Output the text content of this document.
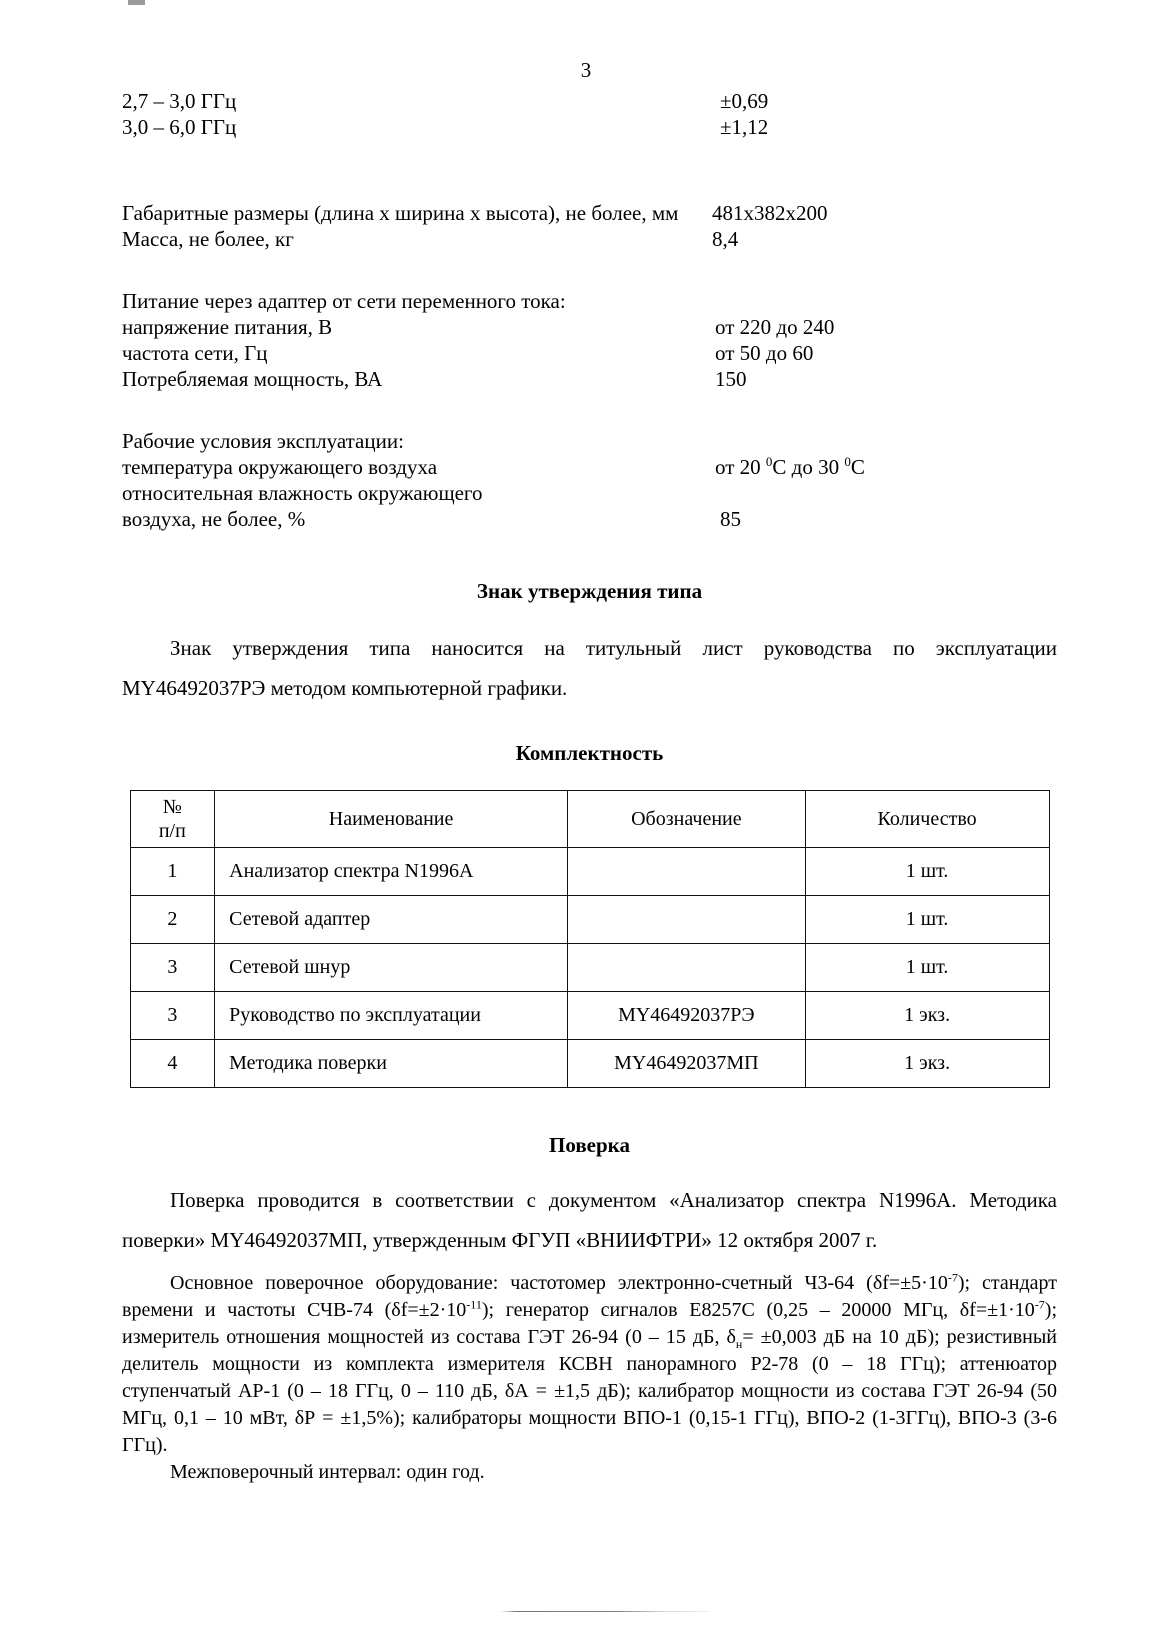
3
2,7 – 3,0 ГГц	±0,69
3,0 – 6,0 ГГц	±1,12
Габаритные размеры (длина x ширина x высота), не более, мм 481x382x200
Масса, не более, кг	8,4
Питание через адаптер от сети переменного тока:
напряжение питания, В	от 220 до 240
частота сети, Гц	от 50 до 60
Потребляемая мощность, ВА	150
Рабочие условия эксплуатации:
температура окружающего воздуха	от 20 $^0$С до 30 $^0$С
относительная влажность окружающего
воздуха, не более, %	85
Знак утверждения типа
Знак утверждения типа наносится на титульный лист руководства по эксплуатации MY46492037РЭ методом компьютерной графики.
Комплектность
№
п/п	Наименование	Обозначение	Количество
1	Анализатор спектра N1996A		1 шт.
2	Сетевой адаптер		1 шт.
3	Сетевой шнур		1 шт.
3	Руководство по эксплуатации	MY46492037РЭ	1 экз.
4	Методика поверки	MY46492037МП	1 экз.
Поверка
Поверка проводится в соответствии с документом «Анализатор спектра N1996A. Методика поверки» MY46492037МП, утвержденным ФГУП «ВНИИФТРИ» 12 октября 2007 г.
Основное поверочное оборудование: частотомер электронно-счетный Ч3-64 $(\delta f=\pm 5\cdot 10^{-7})$; стандарт времени и частоты СЧВ-74 $(\delta f=\pm 2\cdot 10^{-11})$; генератор сигналов E8257C (0,25 – 20000 МГц, $\delta f=\pm 1\cdot 10^{-7}$); измеритель отношения мощностей из состава ГЭТ 26-94 (0 – 15 дБ, $\delta_н= \pm 0,003$ дБ на 10 дБ); резистивный делитель мощности из комплекта измерителя КСВН панорамного Р2-78 (0 – 18 ГГц); аттенюатор ступенчатый АР-1 (0 – 18 ГГц, 0 – 110 дБ, δА = ±1,5 дБ); калибратор мощности из состава ГЭТ 26-94 (50 МГц, 0,1 – 10 мВт, δР = ±1,5%); калибраторы мощности ВПО-1 (0,15-1 ГГц), ВПО-2 (1-3ГГц), ВПО-3 (3-6 ГГц).
Межповерочный интервал: один год.
